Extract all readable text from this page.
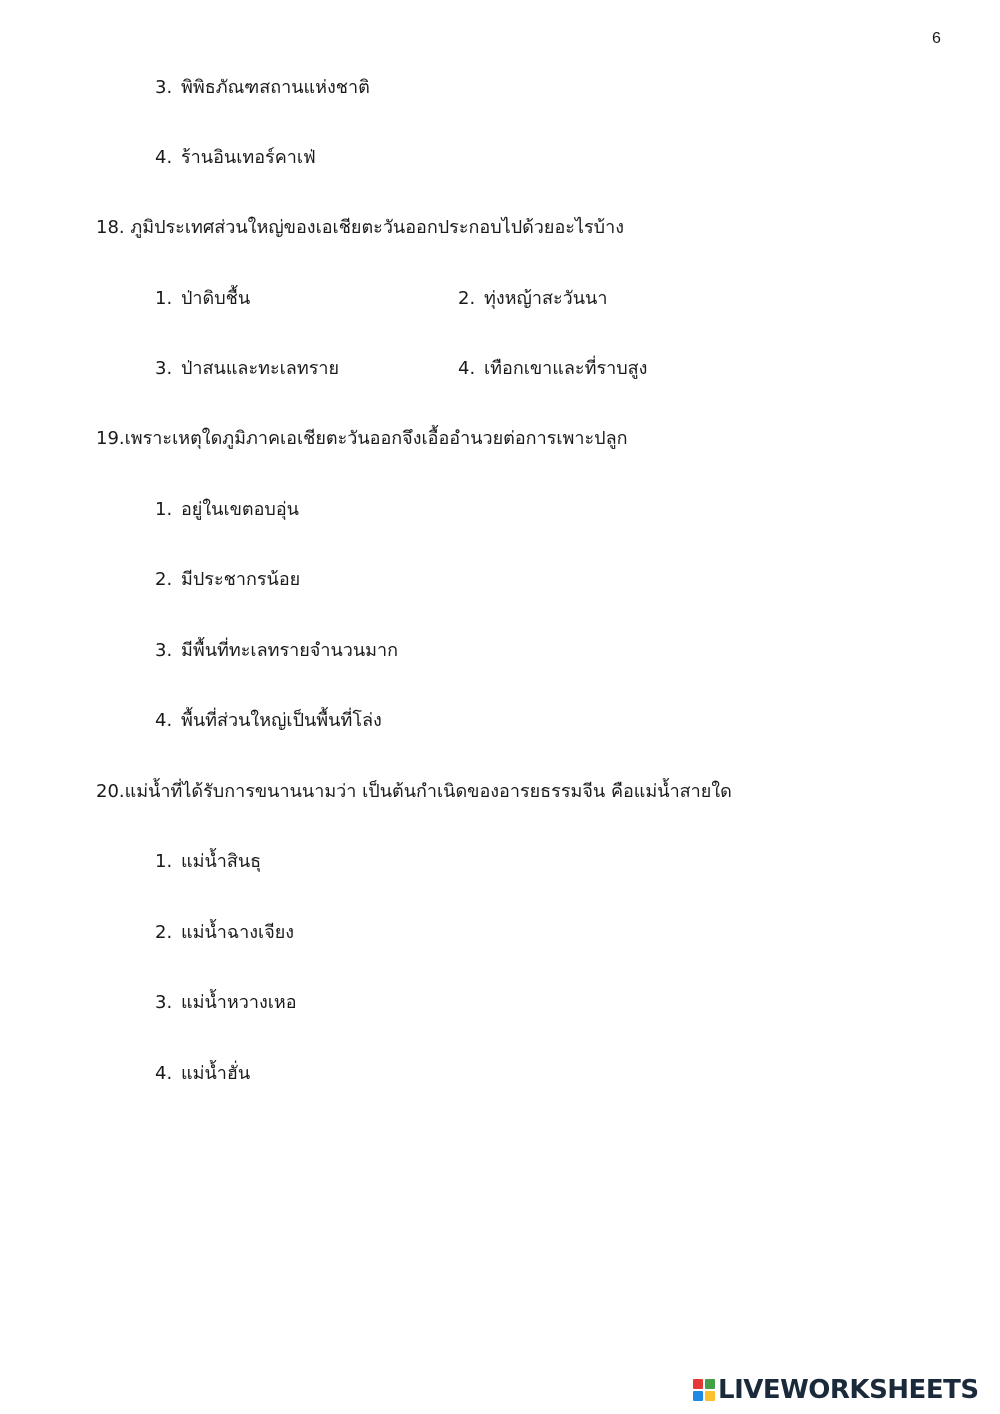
6
3. พิพิธภัณฑสถานแห่งชาติ
4. ร้านอินเทอร์คาเฟ่
18. ภูมิประเทศส่วนใหญ่ของเอเชียตะวันออกประกอบไปด้วยอะไรบ้าง
1. ป่าดิบชื้น	2. ทุ่งหญ้าสะวันนา
3. ป่าสนและทะเลทราย	4. เทือกเขาและที่ราบสูง
19.เพราะเหตุใดภูมิภาคเอเชียตะวันออกจึงเอื้ออำนวยต่อการเพาะปลูก
1. อยู่ในเขตอบอุ่น
2. มีประชากรน้อย
3. มีพื้นที่ทะเลทรายจำนวนมาก
4. พื้นที่ส่วนใหญ่เป็นพื้นที่โล่ง
20.แม่น้ำที่ได้รับการขนานนามว่า เป็นต้นกำเนิดของอารยธรรมจีน คือแม่น้ำสายใด
1. แม่น้ำสินธุ
2. แม่น้ำฉางเจียง
3. แม่น้ำหวางเหอ
4. แม่น้ำฮั่น
LIVEWORKSHEETS
